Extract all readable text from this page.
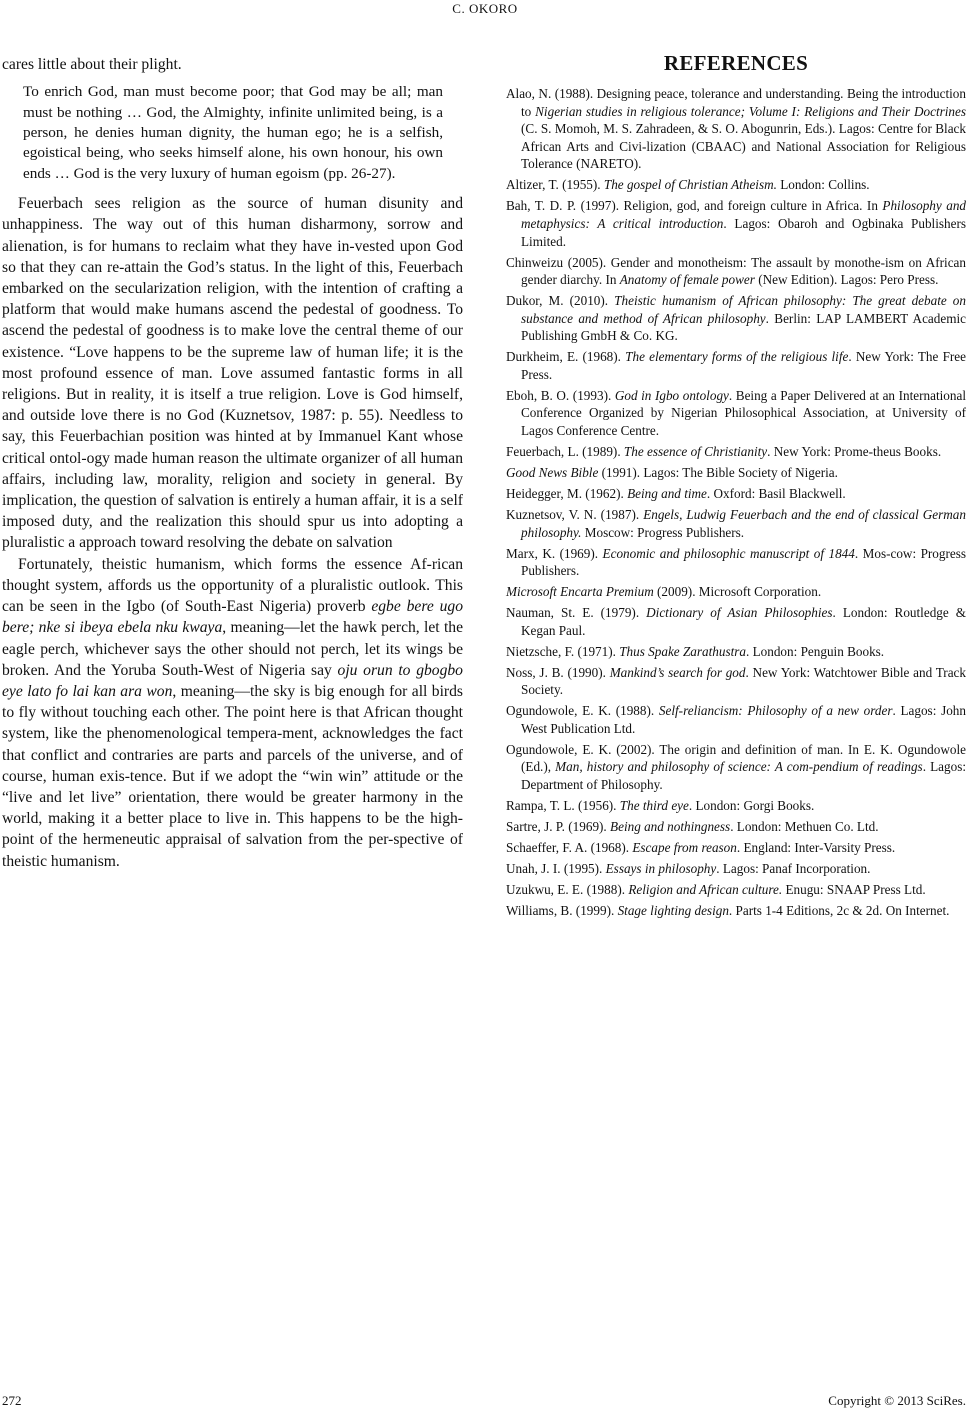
C. OKORO

cares little about their plight.

To enrich God, man must become poor; that God may be all; man must be nothing … God, the Almighty, infinite unlimited being, is a person, he denies human dignity, the human ego; he is a selfish, egoistical being, who seeks himself alone, his own honour, his own ends … God is the very luxury of human egoism (pp. 26-27).

Feuerbach sees religion as the source of human disunity and unhappiness. The way out of this human disharmony, sorrow and alienation, is for humans to reclaim what they have in-vested upon God so that they can re-attain the God’s status. In the light of this, Feuerbach embarked on the secularization religion, with the intention of crafting a platform that would make humans ascend the pedestal of goodness. To ascend the pedestal of goodness is to make love the central theme of our existence. “Love happens to be the supreme law of human life; it is the most profound essence of man. Love assumed fantastic forms in all religions. But in reality, it is itself a true religion. Love is God himself, and outside love there is no God (Kuznetsov, 1987: p. 55). Needless to say, this Feuerbachian position was hinted at by Immanuel Kant whose critical ontol-ogy made human reason the ultimate organizer of all human affairs, including law, morality, religion and society in general. By implication, the question of salvation is entirely a human affair, it is a self imposed duty, and the realization this should spur us into adopting a pluralistic a approach toward resolving the debate on salvation

Fortunately, theistic humanism, which forms the essence Af-rican thought system, affords us the opportunity of a pluralistic outlook. This can be seen in the Igbo (of South-East Nigeria) proverb egbe bere ugo bere; nke si ibeya ebela nku kwaya, meaning—let the hawk perch, let the eagle perch, whichever says the other should not perch, let its wings be broken. And the Yoruba South-West of Nigeria say oju orun to gbogbo eye lato fo lai kan ara won, meaning—the sky is big enough for all birds to fly without touching each other. The point here is that African thought system, like the phenomenological tempera-ment, acknowledges the fact that conflict and contraries are parts and parcels of the universe, and of course, human exis-tence. But if we adopt the “win win” attitude or the “live and let live” orientation, there would be greater harmony in the world, making it a better place to live in. This happens to be the high-point of the hermeneutic appraisal of salvation from the per-spective of theistic humanism.

REFERENCES

Alao, N. (1988). Designing peace, tolerance and understanding. Being the introduction to Nigerian studies in religious tolerance; Volume I: Religions and Their Doctrines (C. S. Momoh, M. S. Zahradeen, & S. O. Abogunrin, Eds.). Lagos: Centre for Black African Arts and Civi-lization (CBAAC) and National Association for Religious Tolerance (NARETO).

Altizer, T. (1955). The gospel of Christian Atheism. London: Collins.

Bah, T. D. P. (1997). Religion, god, and foreign culture in Africa. In Philosophy and metaphysics: A critical introduction. Lagos: Obaroh and Ogbinaka Publishers Limited.

Chinweizu (2005). Gender and monotheism: The assault by monothe-ism on African gender diarchy. In Anatomy of female power (New Edition). Lagos: Pero Press.

Dukor, M. (2010). Theistic humanism of African philosophy: The great debate on substance and method of African philosophy. Berlin: LAP LAMBERT Academic Publishing GmbH & Co. KG.

Durkheim, E. (1968). The elementary forms of the religious life. New York: The Free Press.

Eboh, B. O. (1993). God in Igbo ontology. Being a Paper Delivered at an International Conference Organized by Nigerian Philosophical Association, at University of Lagos Conference Centre.

Feuerbach, L. (1989). The essence of Christianity. New York: Prome-theus Books.

Good News Bible (1991). Lagos: The Bible Society of Nigeria.

Heidegger, M. (1962). Being and time. Oxford: Basil Blackwell.

Kuznetsov, V. N. (1987). Engels, Ludwig Feuerbach and the end of classical German philosophy. Moscow: Progress Publishers.

Marx, K. (1969). Economic and philosophic manuscript of 1844. Mos-cow: Progress Publishers.

Microsoft Encarta Premium (2009). Microsoft Corporation.

Nauman, St. E. (1979). Dictionary of Asian Philosophies. London: Routledge & Kegan Paul.

Nietzsche, F. (1971). Thus Spake Zarathustra. London: Penguin Books.

Noss, J. B. (1990). Mankind’s search for god. New York: Watchtower Bible and Track Society.

Ogundowole, E. K. (1988). Self-reliancism: Philosophy of a new order. Lagos: John West Publication Ltd.

Ogundowole, E. K. (2002). The origin and definition of man. In E. K. Ogundowole (Ed.), Man, history and philosophy of science: A com-pendium of readings. Lagos: Department of Philosophy.

Rampa, T. L. (1956). The third eye. London: Gorgi Books.

Sartre, J. P. (1969). Being and nothingness. London: Methuen Co. Ltd.

Schaeffer, F. A. (1968). Escape from reason. England: Inter-Varsity Press.

Unah, J. I. (1995). Essays in philosophy. Lagos: Panaf Incorporation.

Uzukwu, E. E. (1988). Religion and African culture. Enugu: SNAAP Press Ltd.

Williams, B. (1999). Stage lighting design. Parts 1-4 Editions, 2c & 2d. On Internet.

272	Copyright © 2013 SciRes.
